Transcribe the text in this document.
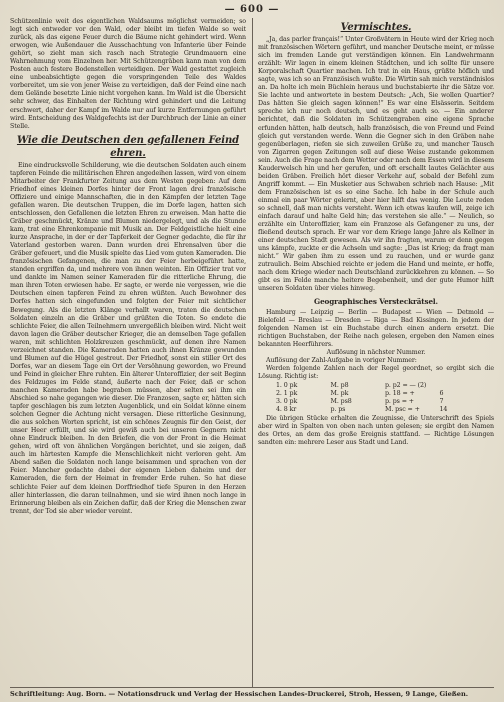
— 600 —

Schützenlinie weit des eigentlichen Waldsaums möglichst vermeiden; so legt sich entweder vor den Wald, oder bleibt im tiefen Walde so weit zurück, als das eigene Feuer durch die Bäume nicht gehindert wird. Wenn erwogen, wie Außendauer die Ausschachtung von Infanterie über Feinde gehört, so zieht man sich rasch nach Strategie Grundmauern eine Wahrnehmung vom Einzelnen her. Mit Schützengräben kann man von dem Posten auch festere Bodenstellen verteidigen. Der Wald gestattet zugleich eine unbeabsichtigte gegen die vorspringenden Teile des Waldes vorbereitet, um sie von jener Weise zu verteidigen, daß der Feind eine nach dem Gelände besetzte Linie nicht vorgehen kann. Im Wald ist die Übersicht sehr schwer, das Einhalten der Richtung wird gehindert und die Leitung erschwert, daher der Kampf im Walde nur auf kurze Entfernungen geführt wird. Entscheidung des Waldgefechts ist der Durchbruch der Linie an einer Stelle.

Wie die Deutschen den gefallenen Feind ehren.

Eine eindrucksvolle Schilderung, wie die deutschen Soldaten auch einem tapferen Feinde die militärischen Ehren angedeihen lassen, wird von einem Mitarbeiter der Frankfurter Zeitung aus dem Westen gegeben: Auf dem Friedhof eines kleinen Dorfes hinter der Front lagen drei französische Offiziere und einige Mannschaften, die in den Kämpfen der letzten Tage gefallen waren. Die deutschen Truppen, die im Dorfe lagen, hatten sich entschlossen, den Gefallenen die letzten Ehren zu erweisen. Man hatte die Gräber geschmückt, Kränze und Blumen niedergelegt, und als die Stunde kam, trat eine Ehrenkompanie mit Musik an. Der Feldgeistliche hielt eine kurze Ansprache, in der er der Tapferkeit der Gegner gedachte, die für ihr Vaterland gestorben waren. Dann wurden drei Ehrensalven über die Gräber gefeuert, und die Musik spielte das Lied vom guten Kameraden. Die französischen Gefangenen, die man zu der Feier herbeigeführt hatte, standen ergriffen da, und mehrere von ihnen weinten. Ein Offizier trat vor und dankte im Namen seiner Kameraden für die ritterliche Ehrung, die man ihren Toten erwiesen habe. Er sagte, er werde nie vergessen, wie die Deutschen einen tapferen Feind zu ehren wüßten. Auch Bewohner des Dorfes hatten sich eingefunden und folgten der Feier mit sichtlicher Bewegung. Als die letzten Klänge verhallt waren, traten die deutschen Soldaten einzeln an die Gräber und grüßten die Toten. So endete die schlichte Feier, die allen Teilnehmern unvergeßlich bleiben wird. Nicht weit davon lagen die Gräber deutscher Krieger, die an demselben Tage gefallen waren, mit schlichten Holzkreuzen geschmückt, auf denen ihre Namen verzeichnet standen. Die Kameraden hatten auch ihnen Kränze gewunden und Blumen auf die Hügel gestreut. Der Friedhof, sonst ein stiller Ort des Dorfes, war an diesem Tage ein Ort der Versöhnung geworden, wo Freund und Feind in gleicher Ehre ruhten. Ein älterer Unteroffizier, der seit Beginn des Feldzuges im Felde stand, äußerte nach der Feier, daß er schon manchen Kameraden habe begraben müssen, aber selten sei ihm ein Abschied so nahe gegangen wie dieser. Die Franzosen, sagte er, hätten sich tapfer geschlagen bis zum letzten Augenblick, und ein Soldat könne einem solchen Gegner die Achtung nicht versagen. Diese ritterliche Gesinnung, die aus solchen Worten spricht, ist ein schönes Zeugnis für den Geist, der unser Heer erfüllt, und sie wird gewiß auch bei unseren Gegnern nicht ohne Eindruck bleiben. In den Briefen, die von der Front in die Heimat gehen, wird oft von ähnlichen Vorgängen berichtet, und sie zeigen, daß auch im härtesten Kampfe die Menschlichkeit nicht verloren geht. Am Abend saßen die Soldaten noch lange beisammen und sprachen von der Feier. Mancher gedachte dabei der eigenen Lieben daheim und der Kameraden, die fern der Heimat in fremder Erde ruhen. So hat diese schlichte Feier auf dem kleinen Dorffriedhof tiefe Spuren in den Herzen aller hinterlassen, die daran teilnahmen, und sie wird ihnen noch lange in Erinnerung bleiben als ein Zeichen dafür, daß der Krieg die Menschen zwar trennt, der Tod sie aber wieder vereint.

Vermischtes.

„Ja, das parler français!“ Unter Großvätern in Heute wird der Krieg noch mit französischen Wörtern geführt, und mancher Deutsche meint, er müsse sich im fremden Lande gut verständigen können. Ein Landwehrmann erzählt: Wir lagen in einem kleinen Städtchen, und ich sollte für unsere Korporalschaft Quartier machen. Ich trat in ein Haus, grüßte höflich und sagte, was ich so an Französisch wußte. Die Wirtin sah mich verständnislos an. Da holte ich mein Büchlein heraus und buchstabierte ihr die Sätze vor. Sie lachte und antwortete in bestem Deutsch: „Ach, Sie wollen Quartier? Das hätten Sie gleich sagen können!“ Es war eine Elsässerin. Seitdem spreche ich nur noch deutsch, und es geht auch so. — Ein anderer berichtet, daß die Soldaten im Schützengraben eine eigene Sprache erfunden hätten, halb deutsch, halb französisch, die von Freund und Feind gleich gut verstanden werde. Wenn die Gegner sich in den Gräben nahe gegenüberlagen, riefen sie sich zuweilen Grüße zu, und mancher Tausch von Zigarren gegen Zeitungen soll auf diese Weise zustande gekommen sein. Auch die Frage nach dem Wetter oder nach dem Essen wird in diesem Kauderwelsch hin und her gerufen, und oft erschallt lautes Gelächter aus beiden Gräben. Freilich hört dieser Verkehr auf, sobald der Befehl zum Angriff kommt. — Ein Musketier aus Schwaben schrieb nach Hause: „Mit dem Französischen ist es so eine Sache. Ich habe in der Schule auch einmal ein paar Wörter gelernt, aber hier hilft das wenig. Die Leute reden so schnell, daß man nichts versteht. Wenn ich etwas kaufen will, zeige ich einfach darauf und halte Geld hin; das verstehen sie alle.“ — Neulich, so erzählte ein Unteroffizier, kam ein Franzose als Gefangener zu uns, der fließend deutsch sprach. Er war vor dem Kriege lange Jahre als Kellner in einer deutschen Stadt gewesen. Als wir ihn fragten, warum er denn gegen uns kämpfe, zuckte er die Achseln und sagte: „Das ist Krieg; da fragt man nicht.“ Wir gaben ihm zu essen und zu rauchen, und er wurde ganz zutraulich. Beim Abschied reichte er jedem die Hand und meinte, er hoffe, nach dem Kriege wieder nach Deutschland zurückkehren zu können. — So gibt es im Felde manche heitere Begebenheit, und der gute Humor hilft unseren Soldaten über vieles hinweg.

Geographisches Versteckrätsel.

Hamburg — Leipzig — Berlin — Budapest — Wien — Detmold — Bielefeld — Breslau — Dresden — Riga — Bad Kissingen. In jedem der folgenden Namen ist ein Buchstabe durch einen andern ersetzt. Die richtigen Buchstaben, der Reihe nach gelesen, ergeben den Namen eines bekannten Heerführers.

Auflösung in nächster Nummer.

Auflösung der Zahl-Aufgabe in voriger Nummer:

Werden folgende Zahlen nach der Regel geordnet, so ergibt sich die Lösung. Richtig ist:

1. 0 pk	M. p8	p. p2 = — (2)
2. 1 pk	M. pk	p. 18 = +	6
3. 0 pk	M. ps8	p. ps = +	7
4. 8 kr	p. ps	M. psc = +	14

Die übrigen Stücke erhalten die Zeugnisse, die Unterschrift des Spiels aber wird in Spalten von oben nach unten gelesen; sie ergibt den Namen des Ortes, an dem das große Ereignis stattfand. — Richtige Lösungen sandten ein: mehrere Leser aus Stadt und Land.

Schriftleitung: Aug. Born. — Notationsdruck und Verlag der Hessischen Landes-Druckerei, Stroh, Hessen, 9 Lange, Gießen.
